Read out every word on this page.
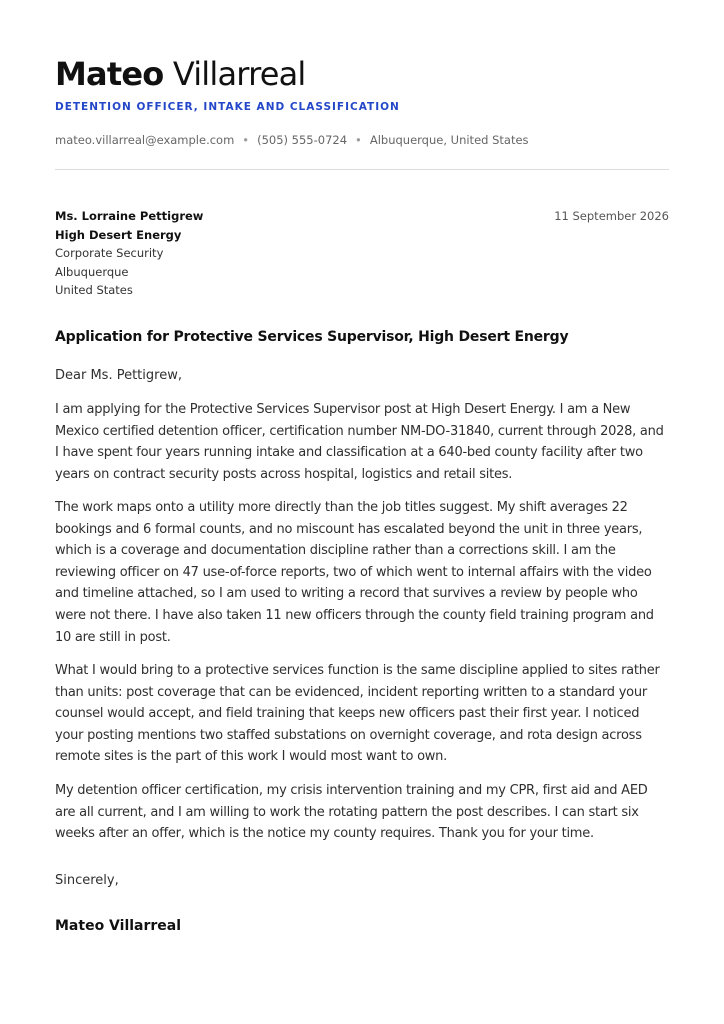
Mateo Villarreal
DETENTION OFFICER, INTAKE AND CLASSIFICATION
mateo.villarreal@example.com • (505) 555-0724 • Albuquerque, United States
Ms. Lorraine Pettigrew
High Desert Energy
Corporate Security
Albuquerque
United States
11 September 2026
Application for Protective Services Supervisor, High Desert Energy
Dear Ms. Pettigrew,

I am applying for the Protective Services Supervisor post at High Desert Energy. I am a New Mexico certified detention officer, certification number NM-DO-31840, current through 2028, and I have spent four years running intake and classification at a 640-bed county facility after two years on contract security posts across hospital, logistics and retail sites.

The work maps onto a utility more directly than the job titles suggest. My shift averages 22 bookings and 6 formal counts, and no miscount has escalated beyond the unit in three years, which is a coverage and documentation discipline rather than a corrections skill. I am the reviewing officer on 47 use-of-force reports, two of which went to internal affairs with the video and timeline attached, so I am used to writing a record that survives a review by people who were not there. I have also taken 11 new officers through the county field training program and 10 are still in post.

What I would bring to a protective services function is the same discipline applied to sites rather than units: post coverage that can be evidenced, incident reporting written to a standard your counsel would accept, and field training that keeps new officers past their first year. I noticed your posting mentions two staffed substations on overnight coverage, and rota design across remote sites is the part of this work I would most want to own.

My detention officer certification, my crisis intervention training and my CPR, first aid and AED are all current, and I am willing to work the rotating pattern the post describes. I can start six weeks after an offer, which is the notice my county requires. Thank you for your time.

Sincerely,
Mateo Villarreal
